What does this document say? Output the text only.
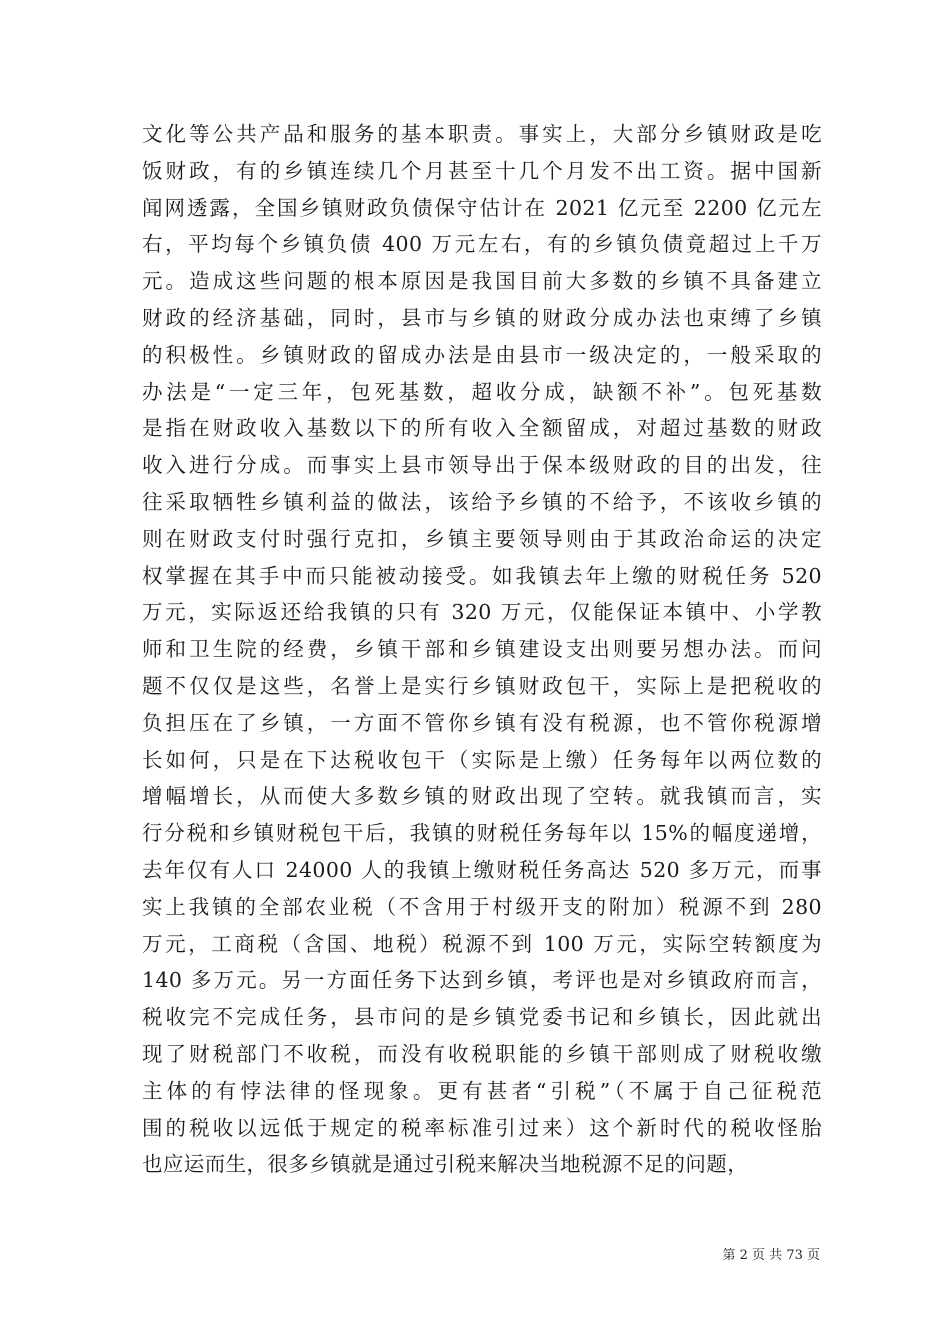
文化等公共产品和服务的基本职责。事实上，大部分乡镇财政是吃
饭财政，有的乡镇连续几个月甚至十几个月发不出工资。据中国新
闻网透露，全国乡镇财政负债保守估计在 2021 亿元至 2200 亿元左
右，平均每个乡镇负债 400 万元左右，有的乡镇负债竟超过上千万
元。造成这些问题的根本原因是我国目前大多数的乡镇不具备建立
财政的经济基础，同时，县市与乡镇的财政分成办法也束缚了乡镇
的积极性。乡镇财政的留成办法是由县市一级决定的，一般采取的
办法是“一定三年，包死基数，超收分成，缺额不补”。包死基数
是指在财政收入基数以下的所有收入全额留成，对超过基数的财政
收入进行分成。而事实上县市领导出于保本级财政的目的出发，往
往采取牺牲乡镇利益的做法，该给予乡镇的不给予，不该收乡镇的
则在财政支付时强行克扣，乡镇主要领导则由于其政治命运的决定
权掌握在其手中而只能被动接受。如我镇去年上缴的财税任务 520
万元，实际返还给我镇的只有 320 万元，仅能保证本镇中、小学教
师和卫生院的经费，乡镇干部和乡镇建设支出则要另想办法。而问
题不仅仅是这些，名誉上是实行乡镇财政包干，实际上是把税收的
负担压在了乡镇，一方面不管你乡镇有没有税源，也不管你税源增
长如何，只是在下达税收包干（实际是上缴）任务每年以两位数的
增幅增长，从而使大多数乡镇的财政出现了空转。就我镇而言，实
行分税和乡镇财税包干后，我镇的财税任务每年以 15%的幅度递增，
去年仅有人口 24000 人的我镇上缴财税任务高达 520 多万元，而事
实上我镇的全部农业税（不含用于村级开支的附加）税源不到 280
万元，工商税（含国、地税）税源不到 100 万元，实际空转额度为
140 多万元。另一方面任务下达到乡镇，考评也是对乡镇政府而言，
税收完不完成任务，县市问的是乡镇党委书记和乡镇长，因此就出
现了财税部门不收税，而没有收税职能的乡镇干部则成了财税收缴
主体的有悖法律的怪现象。更有甚者“引税”（不属于自己征税范
围的税收以远低于规定的税率标准引过来）这个新时代的税收怪胎
也应运而生，很多乡镇就是通过引税来解决当地税源不足的问题，
第 2 页 共 73 页
